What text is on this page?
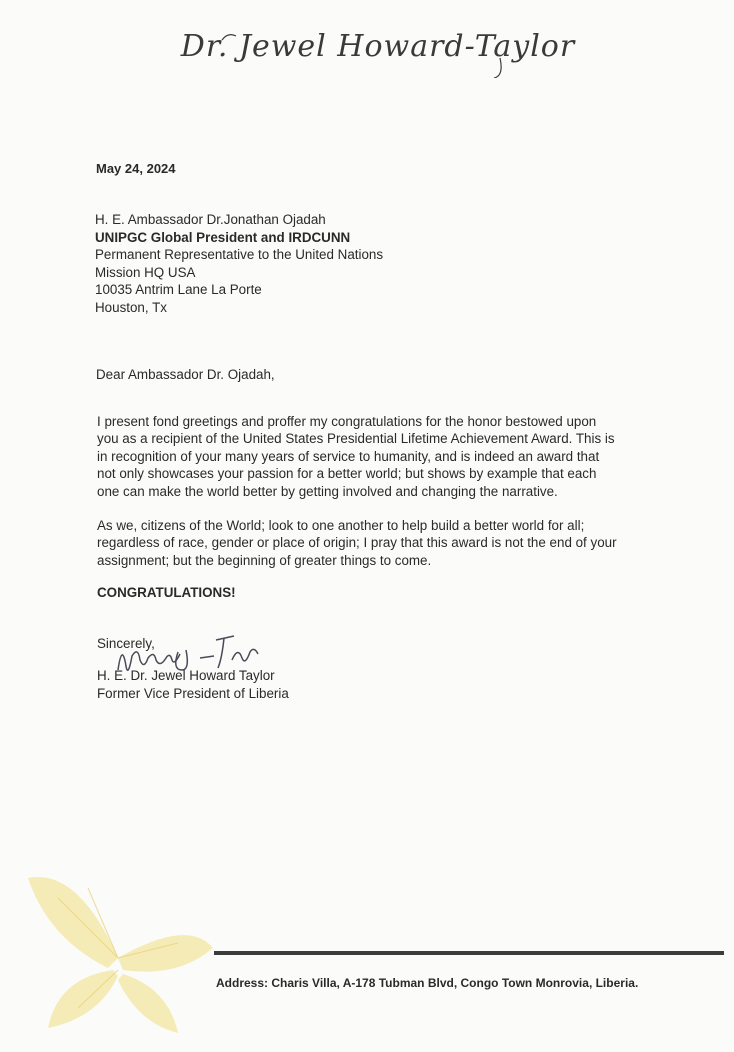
Dr. Jewel Howard-Taylor
May 24, 2024
H. E. Ambassador Dr.Jonathan Ojadah
UNIPGC Global President and IRDCUNN
Permanent Representative to the United Nations
Mission HQ USA
10035 Antrim Lane La Porte
Houston, Tx
Dear Ambassador Dr. Ojadah,
I present fond greetings and proffer my congratulations for the honor bestowed upon
you as a recipient of the United States Presidential Lifetime Achievement Award. This is
in recognition of your many years of service to humanity, and is indeed an award that
not only showcases your passion for a better world; but shows by example that each
one can make the world better by getting involved and changing the narrative.
As we, citizens of the World; look to one another to help build a better world for all;
regardless of race, gender or place of origin; I pray that this award is not the end of your
assignment; but the beginning of greater things to come.
CONGRATULATIONS!
Sincerely,
H. E. Dr. Jewel Howard Taylor
Former Vice President of Liberia
Address: Charis Villa, A-178 Tubman Blvd, Congo Town Monrovia, Liberia.
